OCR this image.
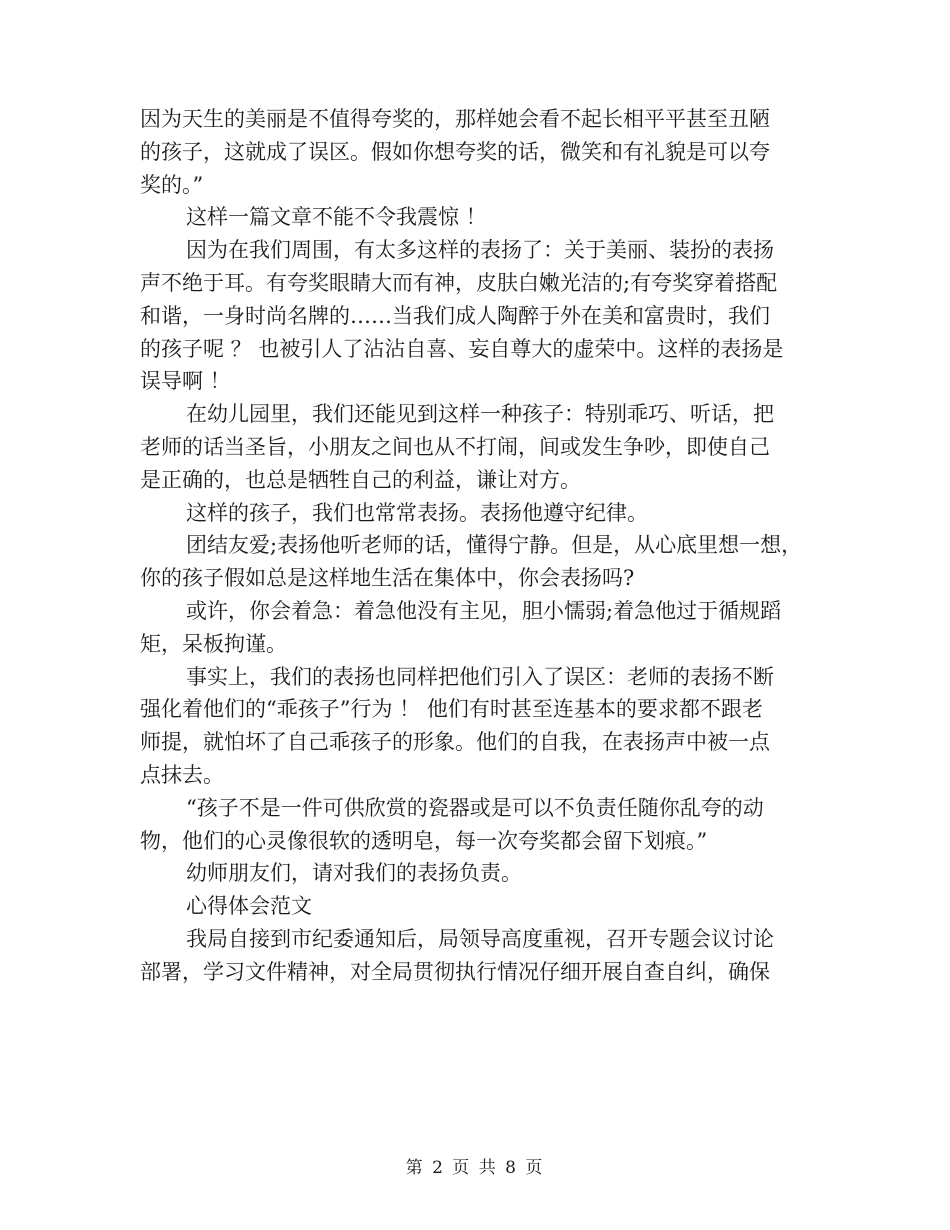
因为天生的美丽是不值得夸奖的，那样她会看不起长相平平甚至丑陋
的孩子，这就成了误区。假如你想夸奖的话，微笑和有礼貌是可以夸
奖的。”
这样一篇文章不能不令我震惊 ！
因为在我们周围，有太多这样的表扬了：关于美丽、装扮的表扬
声不绝于耳。有夸奖眼睛大而有神，皮肤白嫩光洁的;有夸奖穿着搭配
和谐，一身时尚名牌的……当我们成人陶醉于外在美和富贵时，我们
的孩子呢 ？ 也被引人了沾沾自喜、妄自尊大的虚荣中。这样的表扬是
误导啊 ！
在幼儿园里，我们还能见到这样一种孩子：特别乖巧、听话，把
老师的话当圣旨，小朋友之间也从不打闹，间或发生争吵，即使自己
是正确的，也总是牺牲自己的利益，谦让对方。
这样的孩子，我们也常常表扬。表扬他遵守纪律。
团结友爱;表扬他听老师的话，懂得宁静。但是，从心底里想一想，
你的孩子假如总是这样地生活在集体中，你会表扬吗?
或许，你会着急：着急他没有主见，胆小懦弱;着急他过于循规蹈
矩，呆板拘谨。
事实上，我们的表扬也同样把他们引入了误区：老师的表扬不断
强化着他们的“乖孩子”行为 ！ 他们有时甚至连基本的要求都不跟老
师提，就怕坏了自己乖孩子的形象。他们的自我，在表扬声中被一点
点抹去。
“孩子不是一件可供欣赏的瓷器或是可以不负责任随你乱夸的动
物，他们的心灵像很软的透明皂，每一次夸奖都会留下划痕。”
幼师朋友们，请对我们的表扬负责。
心得体会范文
我局自接到市纪委通知后，局领导高度重视，召开专题会议讨论
部署，学习文件精神，对全局贯彻执行情况仔细开展自查自纠，确保
第 2 页 共 8 页
